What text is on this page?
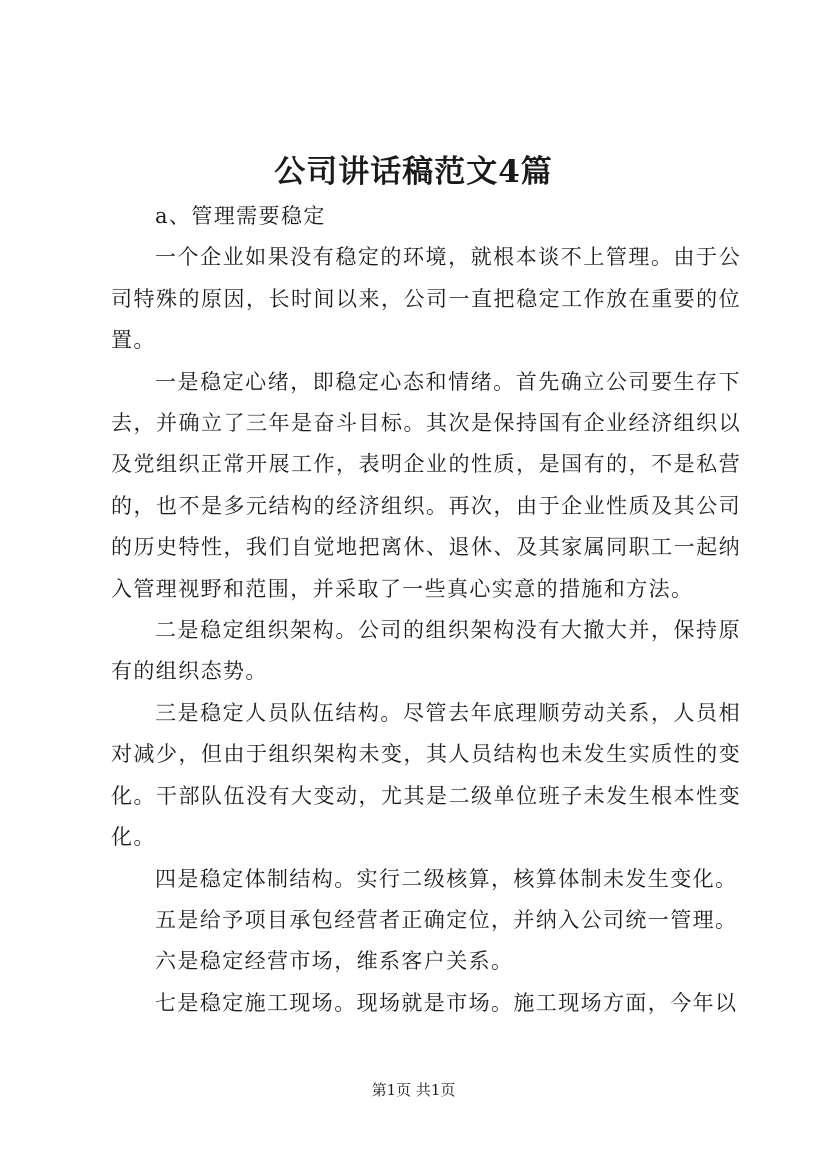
公司讲话稿范文4篇

a、管理需要稳定

一个企业如果没有稳定的环境，就根本谈不上管理。由于公司特殊的原因，长时间以来，公司一直把稳定工作放在重要的位置。

一是稳定心绪，即稳定心态和情绪。首先确立公司要生存下去，并确立了三年是奋斗目标。其次是保持国有企业经济组织以及党组织正常开展工作，表明企业的性质，是国有的，不是私营的，也不是多元结构的经济组织。再次，由于企业性质及其公司的历史特性，我们自觉地把离休、退休、及其家属同职工一起纳入管理视野和范围，并采取了一些真心实意的措施和方法。

二是稳定组织架构。公司的组织架构没有大撤大并，保持原有的组织态势。

三是稳定人员队伍结构。尽管去年底理顺劳动关系，人员相对减少，但由于组织架构未变，其人员结构也未发生实质性的变化。干部队伍没有大变动，尤其是二级单位班子未发生根本性变化。

四是稳定体制结构。实行二级核算，核算体制未发生变化。

五是给予项目承包经营者正确定位，并纳入公司统一管理。

六是稳定经营市场，维系客户关系。

七是稳定施工现场。现场就是市场。施工现场方面，今年以

第1页 共1页
